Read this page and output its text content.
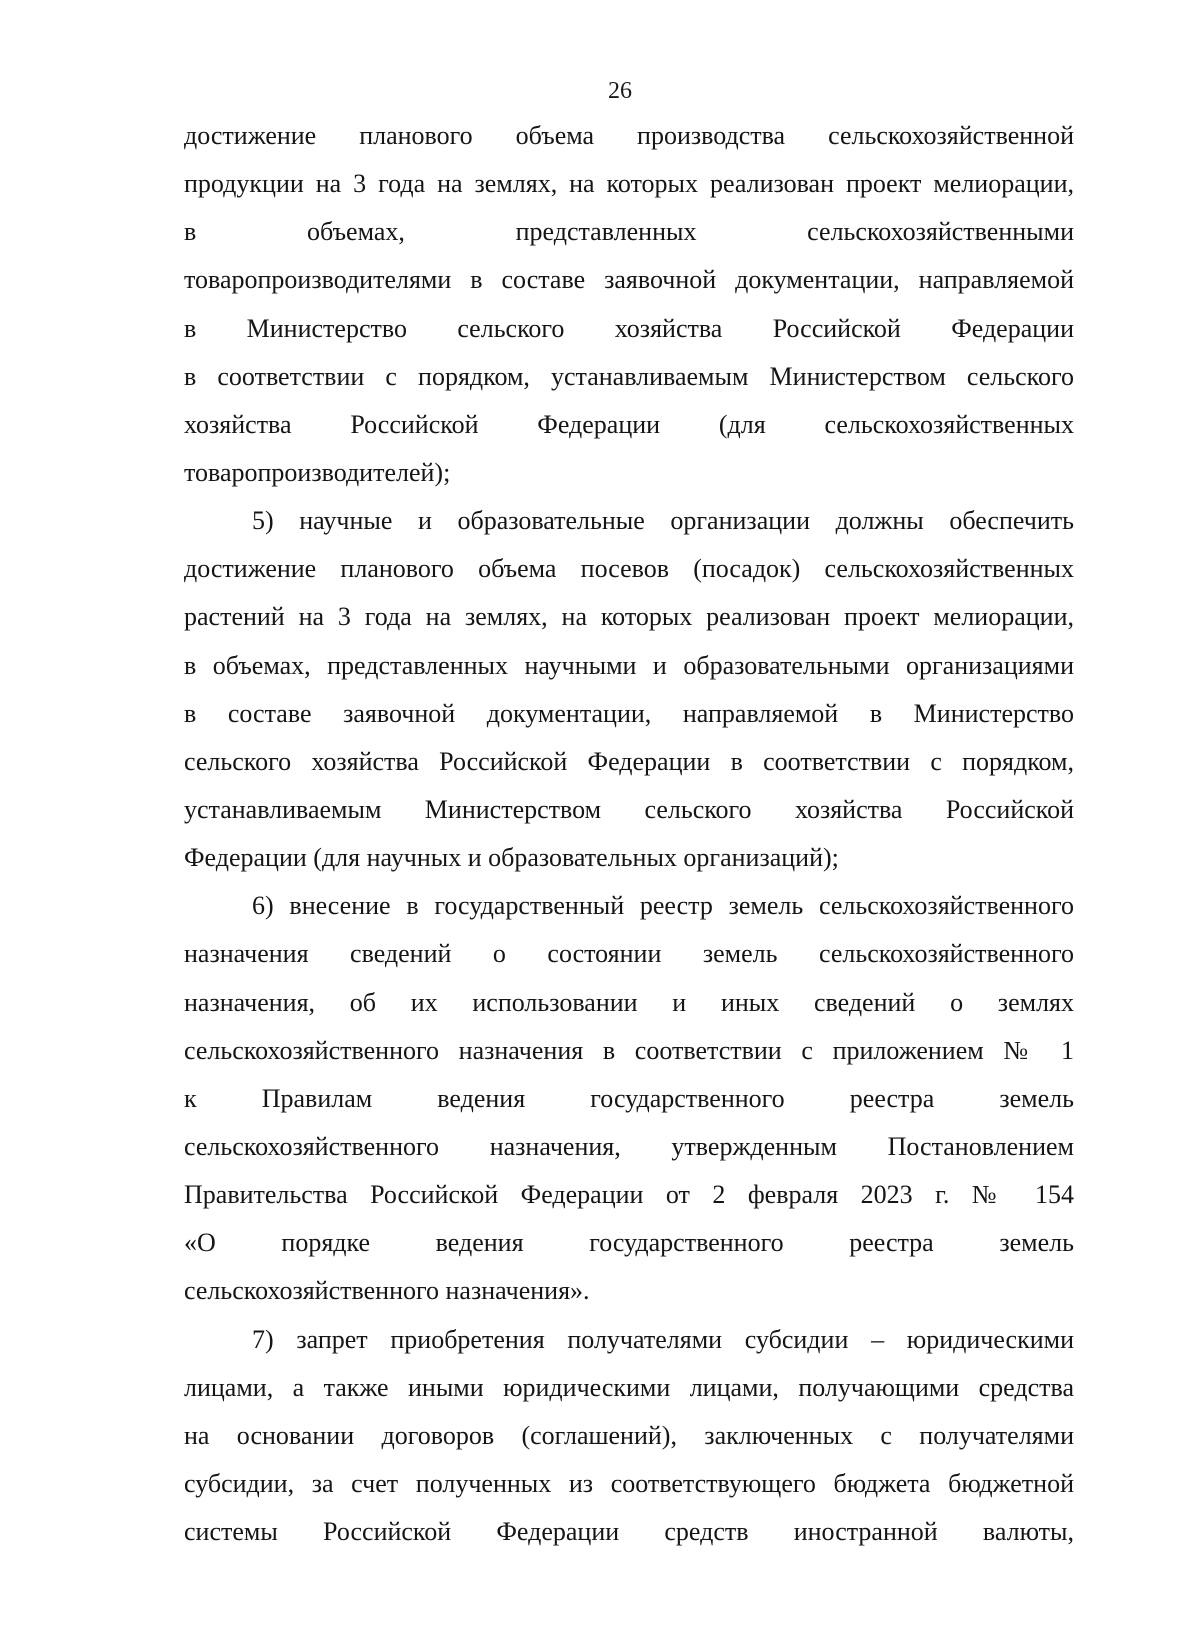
26
достижение планового объема производства сельскохозяйственной
продукции на 3 года на землях, на которых реализован проект мелиорации,
в объемах, представленных сельскохозяйственными
товаропроизводителями в составе заявочной документации, направляемой
в Министерство сельского хозяйства Российской Федерации
в соответствии с порядком, устанавливаемым Министерством сельского
хозяйства Российской Федерации (для сельскохозяйственных
товаропроизводителей);
5) научные и образовательные организации должны обеспечить
достижение планового объема посевов (посадок) сельскохозяйственных
растений на 3 года на землях, на которых реализован проект мелиорации,
в объемах, представленных научными и образовательными организациями
в составе заявочной документации, направляемой в Министерство
сельского хозяйства Российской Федерации в соответствии с порядком,
устанавливаемым Министерством сельского хозяйства Российской
Федерации (для научных и образовательных организаций);
6) внесение в государственный реестр земель сельскохозяйственного
назначения сведений о состоянии земель сельскохозяйственного
назначения, об их использовании и иных сведений о землях
сельскохозяйственного назначения в соответствии с приложением № 1
к Правилам ведения государственного реестра земель
сельскохозяйственного назначения, утвержденным Постановлением
Правительства Российской Федерации от 2 февраля 2023 г. № 154
«О порядке ведения государственного реестра земель
сельскохозяйственного назначения».
7) запрет приобретения получателями субсидии – юридическими
лицами, а также иными юридическими лицами, получающими средства
на основании договоров (соглашений), заключенных с получателями
субсидии, за счет полученных из соответствующего бюджета бюджетной
системы Российской Федерации средств иностранной валюты,
